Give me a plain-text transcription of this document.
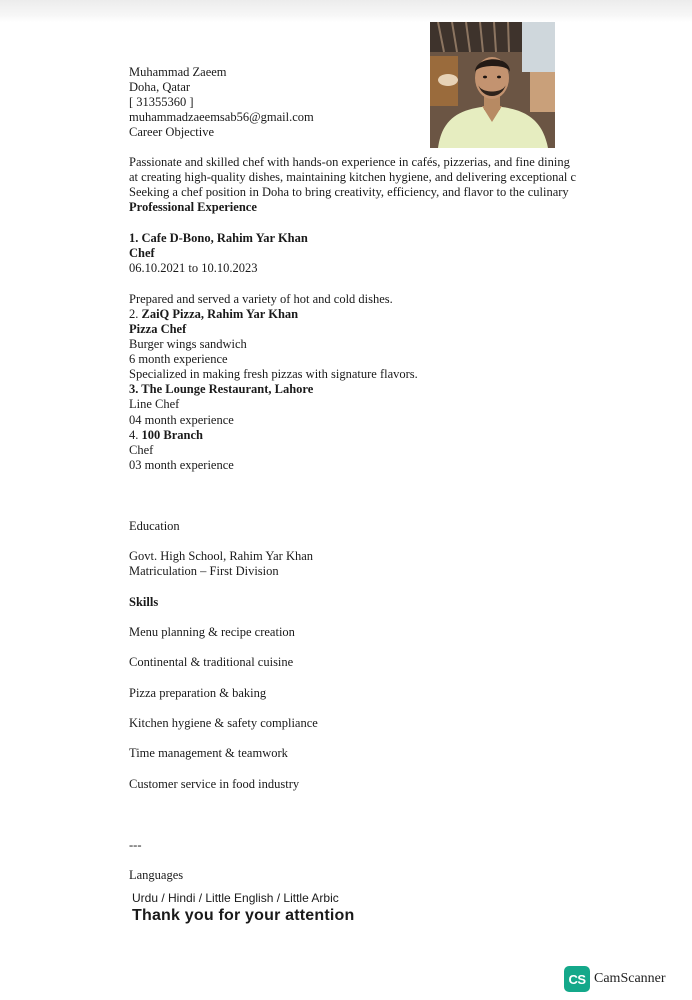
Muhammad Zaeem

Doha, Qatar

[ 31355360 ]

muhammadzaeemsab56@gmail.com

Career Objective

Passionate and skilled chef with hands-on experience in cafés, pizzerias, and fine dining

at creating high-quality dishes, maintaining kitchen hygiene, and delivering exceptional c

Seeking a chef position in Doha to bring creativity, efficiency, and flavor to the culinary

Professional Experience

1. Cafe D-Bono, Rahim Yar Khan

Chef

06.10.2021 to 10.10.2023

Prepared and served a variety of hot and cold dishes.

2. ZaiQ Pizza, Rahim Yar Khan

Pizza Chef

Burger wings sandwich

6 month experience

Specialized in making fresh pizzas with signature flavors.

3. The Lounge Restaurant, Lahore

Line Chef

04 month experience

4. 100 Branch

Chef

03 month experience

Education

Govt. High School, Rahim Yar Khan

Matriculation – First Division

Skills

Menu planning & recipe creation

Continental & traditional cuisine

Pizza preparation & baking

Kitchen hygiene & safety compliance

Time management & teamwork

Customer service in food industry

---

Languages

Urdu / Hindi / Little English / Little Arbic

Thank you for your attention

CS CamScanner
